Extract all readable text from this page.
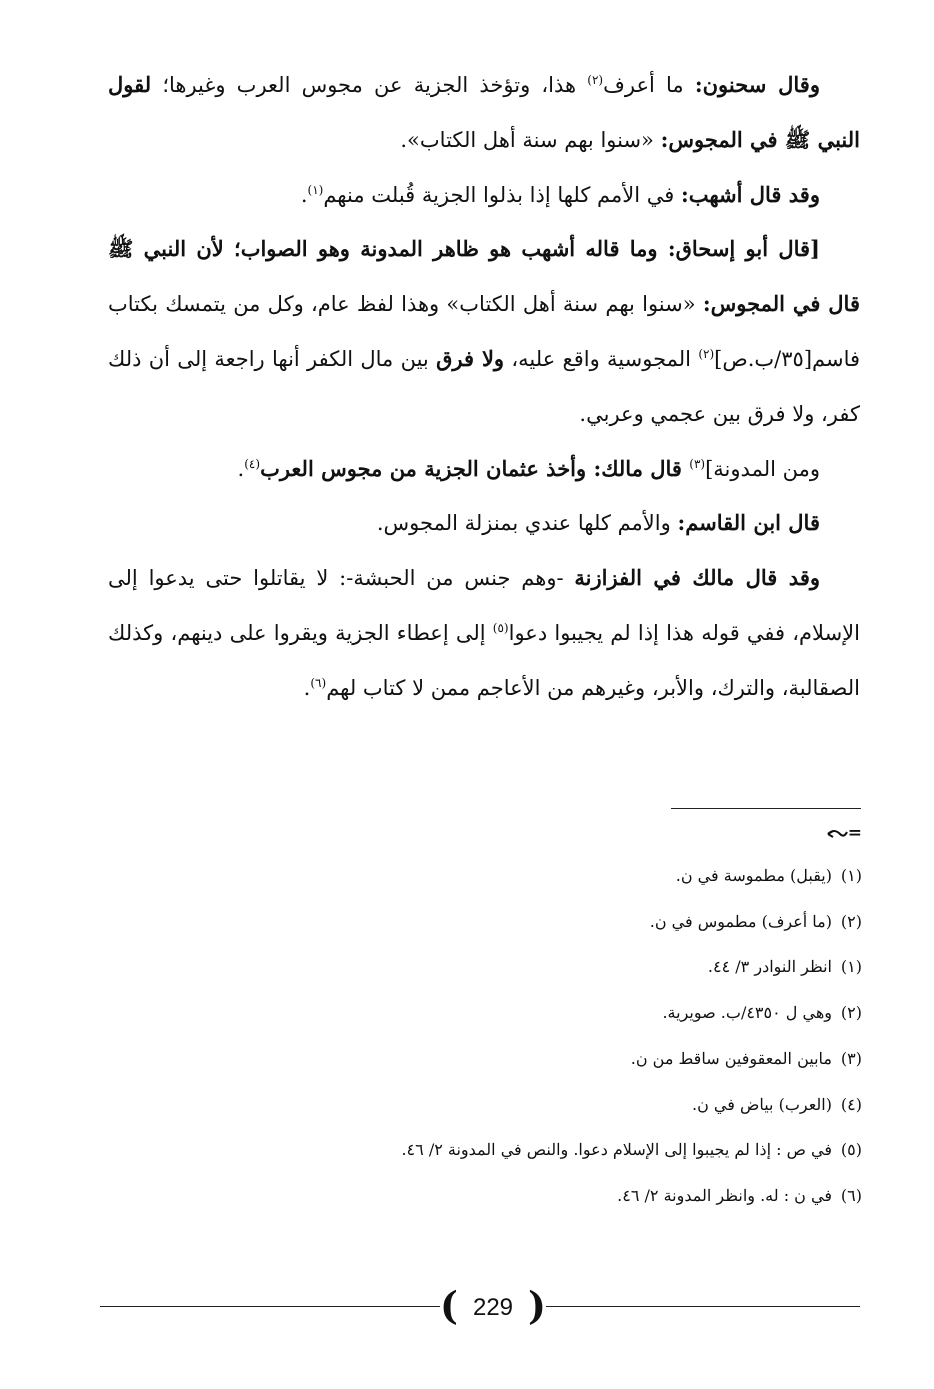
وقال سحنون: ما أعرف$^{(٢)}$ هذا، وتؤخذ الجزية عن مجوس العرب وغيرها؛ لقول النبي ﷺ في المجوس: «سنوا بهم سنة أهل الكتاب».

وقد قال أشهب: في الأمم كلها إذا بذلوا الجزية قُبلت منهم$^{(١)}$.

[قال أبو إسحاق: وما قاله أشهب هو ظاهر المدونة وهو الصواب؛ لأن النبي ﷺ قال في المجوس: «سنوا بهم سنة أهل الكتاب» وهذا لفظ عام، وكل من يتمسك بكتاب فاسم[٣٥/ب.ص]$^{(٢)}$ المجوسية واقع عليه، ولا فرق بين مال الكفر أنها راجعة إلى أن ذلك كفر، ولا فرق بين عجمي وعربي.

ومن المدونة]$^{(٣)}$ قال مالك: وأخذ عثمان الجزية من مجوس العرب$^{(٤)}$.

قال ابن القاسم: والأمم كلها عندي بمنزلة المجوس.

وقد قال مالك في الفزازنة -وهم جنس من الحبشة-: لا يقاتلوا حتى يدعوا إلى الإسلام، ففي قوله هذا إذا لم يجيبوا دعوا$^{(٥)}$ إلى إعطاء الجزية ويقروا على دينهم، وكذلك الصقالبة، والترك، والأبر، وغيرهم من الأعاجم ممن لا كتاب لهم$^{(٦)}$.

=
(١)(يقبل) مطموسة في ن.
(٢)(ما أعرف) مطموس في ن.
(١)انظر النوادر ٣/ ٤٤.
(٢)وهي ل ٤٣٥٠/ب. صويرية.
(٣)مابين المعقوفين ساقط من ن.
(٤)(العرب) بياض في ن.
(٥)في ص : إذا لم يجيبوا إلى الإسلام دعوا. والنص في المدونة ٢/ ٤٦.
(٦)في ن : له. وانظر المدونة ٢/ ٤٦.
( 229 )
